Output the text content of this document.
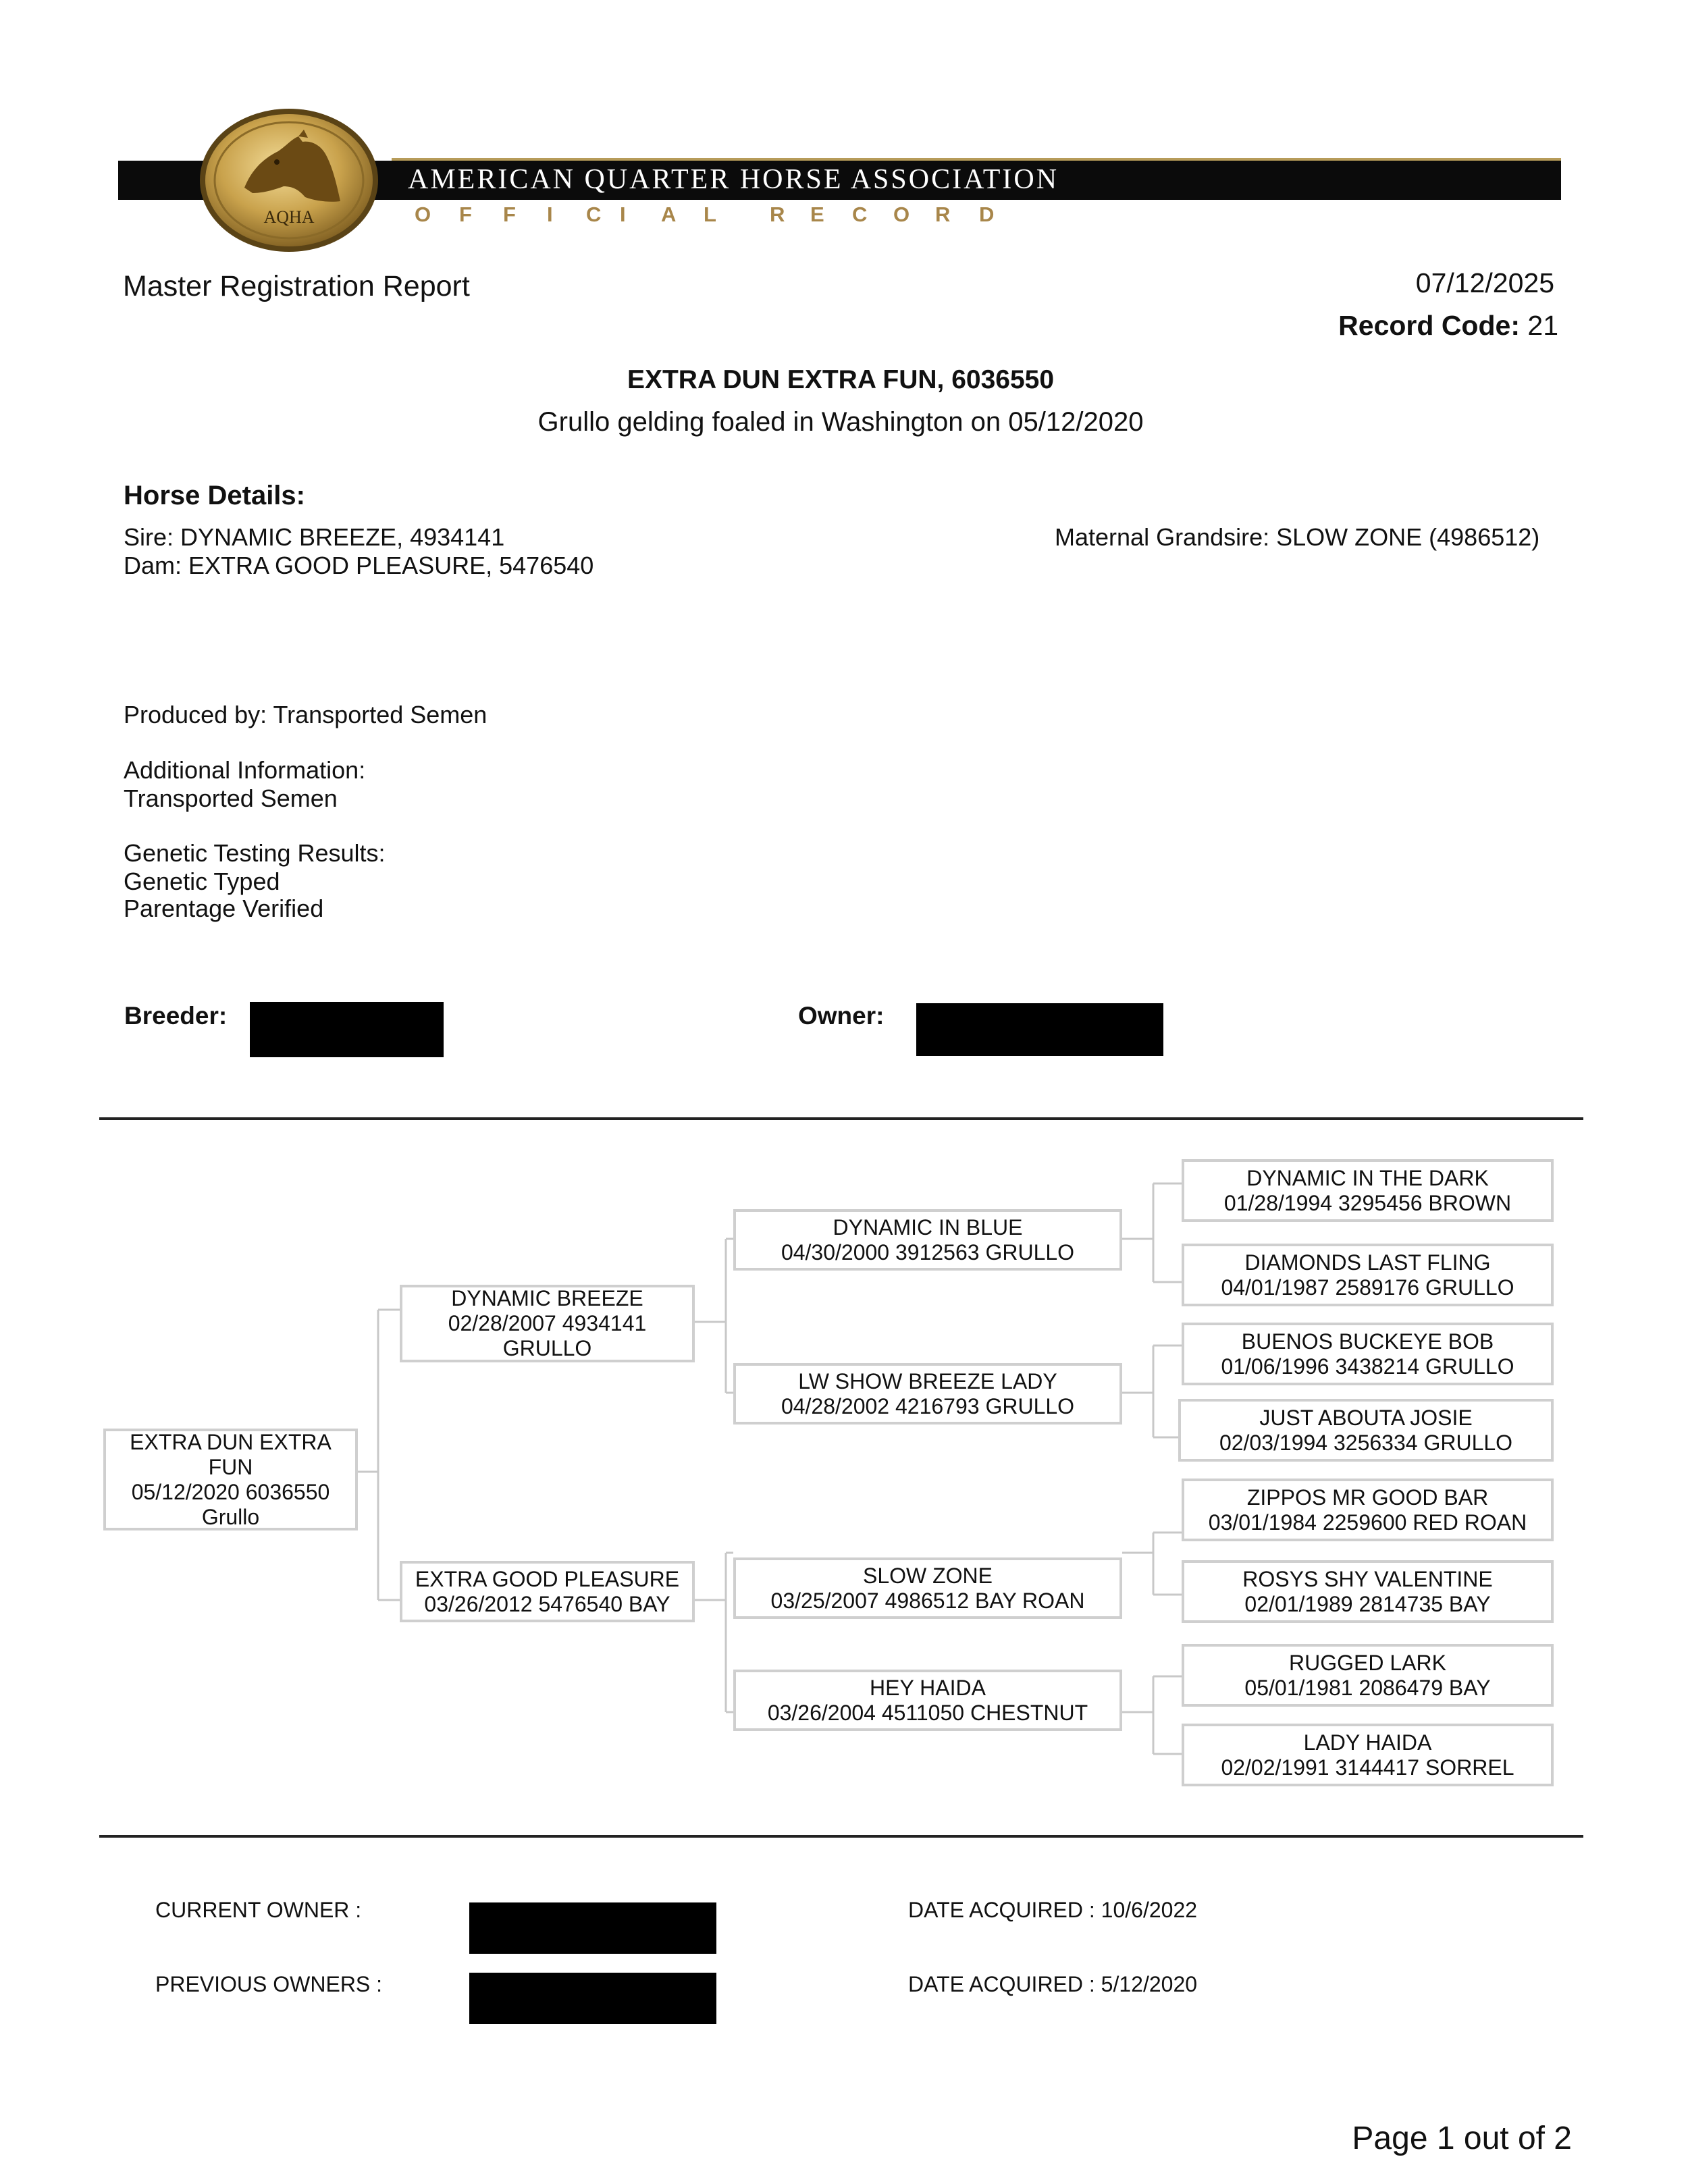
AMERICAN QUARTER HORSE ASSOCIATION
O F F I C I A L	R E C O R D
AQHA
Master Registration Report	07/12/2025
Record Code: 21
EXTRA DUN EXTRA FUN, 6036550
Grullo gelding foaled in Washington on 05/12/2020
Horse Details:
Sire: DYNAMIC BREEZE, 4934141
Dam: EXTRA GOOD PLEASURE, 5476540
Maternal Grandsire: SLOW ZONE (4986512)
Produced by: Transported Semen
Additional Information:
Transported Semen
Genetic Testing Results:
Genetic Typed
Parentage Verified
Breeder:	Owner:
EXTRA DUN EXTRA
FUN
05/12/2020 6036550
Grullo
DYNAMIC BREEZE
02/28/2007 4934141
GRULLO
EXTRA GOOD PLEASURE
03/26/2012 5476540 BAY
DYNAMIC IN BLUE
04/30/2000 3912563 GRULLO
LW SHOW BREEZE LADY
04/28/2002 4216793 GRULLO
SLOW ZONE
03/25/2007 4986512 BAY ROAN
HEY HAIDA
03/26/2004 4511050 CHESTNUT
DYNAMIC IN THE DARK
01/28/1994 3295456 BROWN
DIAMONDS LAST FLING
04/01/1987 2589176 GRULLO
BUENOS BUCKEYE BOB
01/06/1996 3438214 GRULLO
JUST ABOUTA JOSIE
02/03/1994 3256334 GRULLO
ZIPPOS MR GOOD BAR
03/01/1984 2259600 RED ROAN
ROSYS SHY VALENTINE
02/01/1989 2814735 BAY
RUGGED LARK
05/01/1981 2086479 BAY
LADY HAIDA
02/02/1991 3144417 SORREL
CURRENT OWNER :	DATE ACQUIRED : 10/6/2022
PREVIOUS OWNERS :	DATE ACQUIRED : 5/12/2020
Page 1 out of 2
